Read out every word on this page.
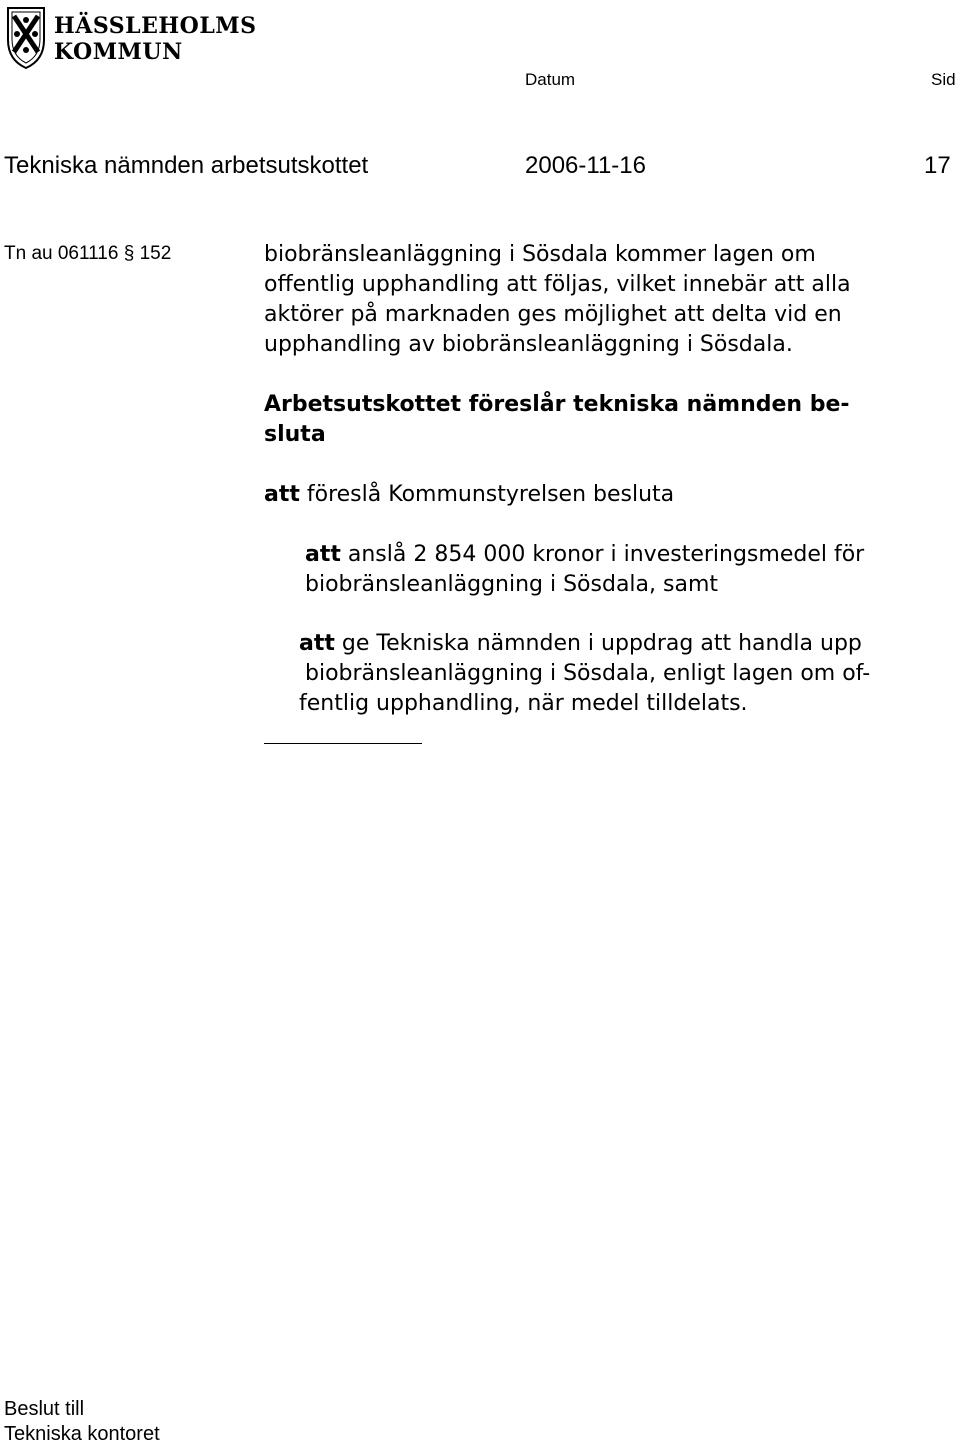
HÄSSLEHOLMS
KOMMUN
Datum	Sid
Tekniska nämnden arbetsutskottet	2006-11-16	17
Tn au 061116 § 152	biobränsleanläggning i Sösdala kommer lagen om
offentlig upphandling att följas, vilket innebär att alla
aktörer på marknaden ges möjlighet att delta vid en
upphandling av biobränsleanläggning i Sösdala.
Arbetsutskottet föreslår tekniska nämnden be-
sluta
att föreslå Kommunstyrelsen besluta
att anslå 2 854 000 kronor i investeringsmedel för
biobränsleanläggning i Sösdala, samt
att ge Tekniska nämnden i uppdrag att handla upp
biobränsleanläggning i Sösdala, enligt lagen om of-
fentlig upphandling, när medel tilldelats.
Beslut till
Tekniska kontoret
